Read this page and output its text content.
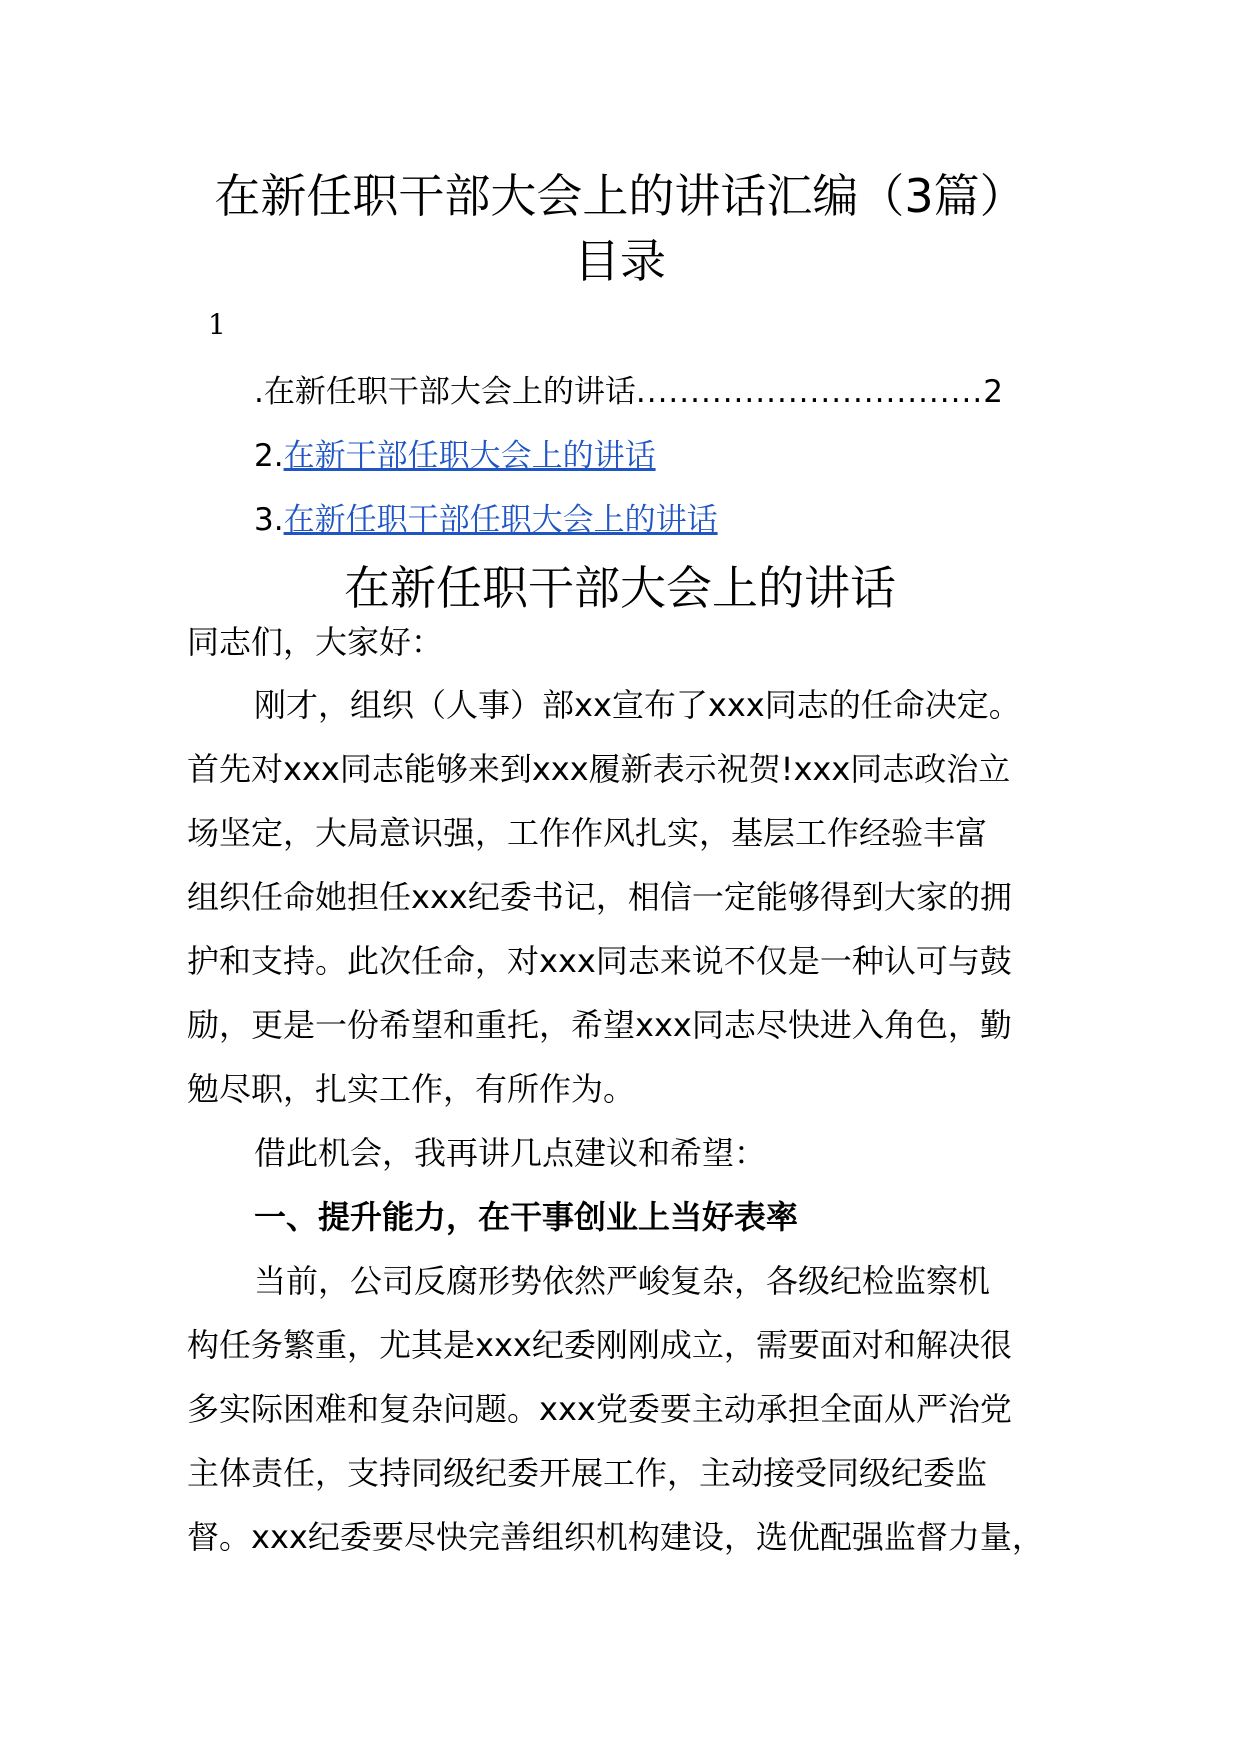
在新任职干部大会上的讲话汇编（3篇）
目录
1
.在新任职干部大会上的讲话................................2
2.在新干部任职大会上的讲话
3.在新任职干部任职大会上的讲话
在新任职干部大会上的讲话
同志们，大家好：
刚才，组织（人事）部xx宣布了xxx同志的任命决定。
首先对xxx同志能够来到xxx履新表示祝贺!xxx同志政治立
场坚定，大局意识强，工作作风扎实，基层工作经验丰富
组织任命她担任xxx纪委书记，相信一定能够得到大家的拥
护和支持。此次任命，对xxx同志来说不仅是一种认可与鼓
励，更是一份希望和重托，希望xxx同志尽快进入角色，勤
勉尽职，扎实工作，有所作为。
借此机会，我再讲几点建议和希望：
一、提升能力，在干事创业上当好表率
当前，公司反腐形势依然严峻复杂，各级纪检监察机
构任务繁重，尤其是xxx纪委刚刚成立，需要面对和解决很
多实际困难和复杂问题。xxx党委要主动承担全面从严治党
主体责任，支持同级纪委开展工作，主动接受同级纪委监
督。xxx纪委要尽快完善组织机构建设，选优配强监督力量，
